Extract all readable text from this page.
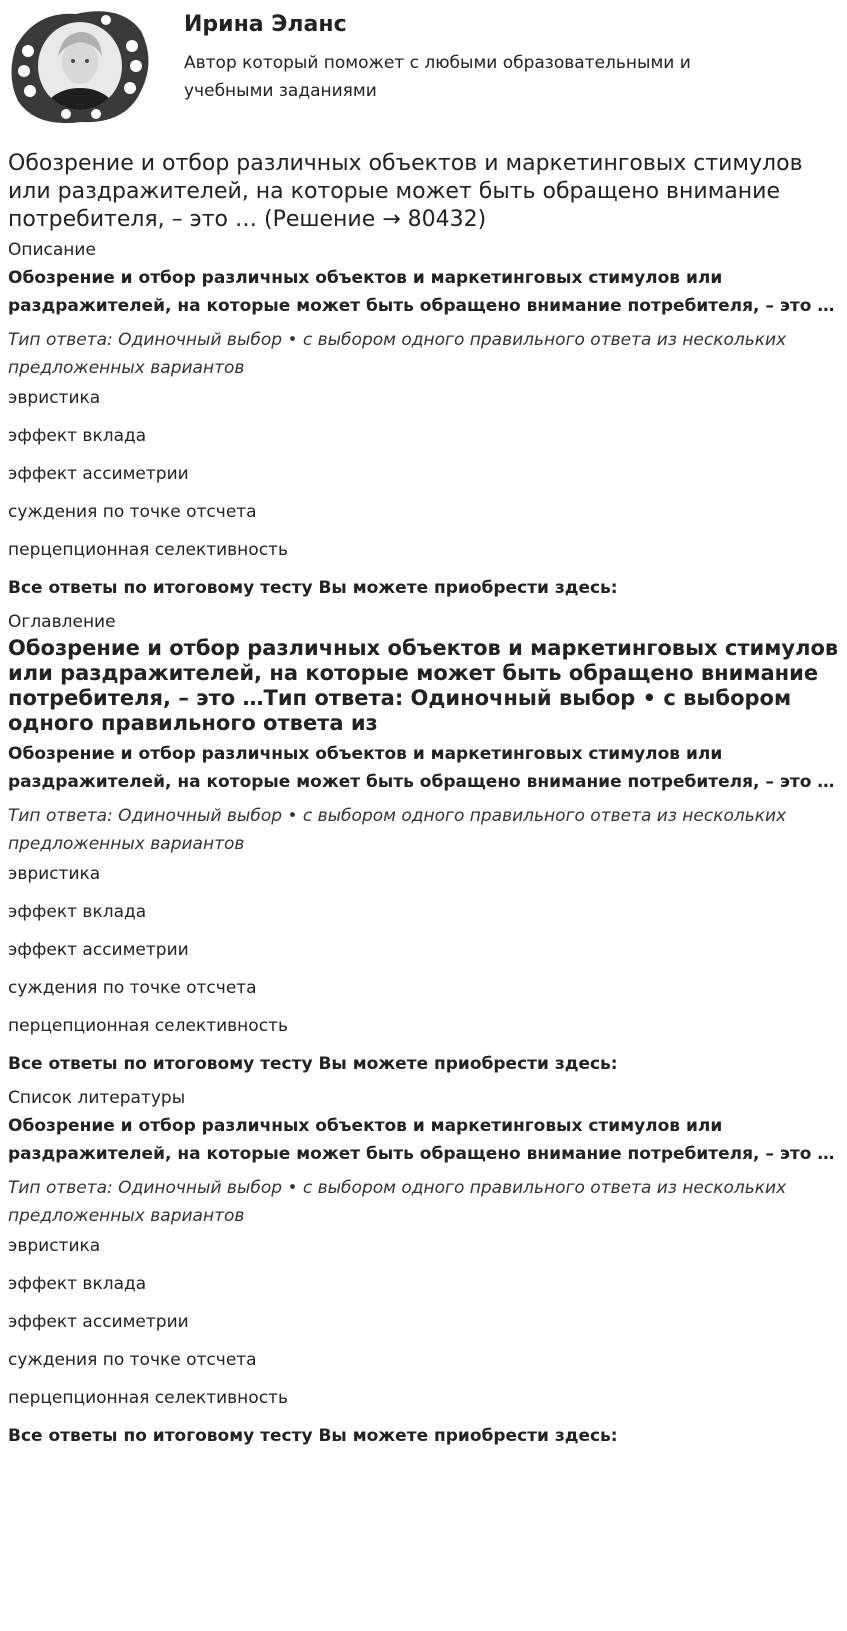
Ирина Эланс

Автор который поможет с любыми образовательными и учебными заданиями

Обозрение и отбор различных объектов и маркетинговых стимулов или раздражителей, на которые может быть обращено внимание потребителя, – это … (Решение → 80432)
Описание

Обозрение и отбор различных объектов и маркетинговых стимулов или раздражителей, на которые может быть обращено внимание потребителя, – это …

Тип ответа: Одиночный выбор • с выбором одного правильного ответа из нескольких предложенных вариантов

эвристика

эффект вклада

эффект ассиметрии

суждения по точке отсчета

перцепционная селективность

Все ответы по итоговому тесту Вы можете приобрести здесь:

Оглавление
Обозрение и отбор различных объектов и маркетинговых стимулов или раздражителей, на которые может быть обращено внимание потребителя, – это …Тип ответа: Одиночный выбор • с выбором одного правильного ответа из

Обозрение и отбор различных объектов и маркетинговых стимулов или раздражителей, на которые может быть обращено внимание потребителя, – это …

Тип ответа: Одиночный выбор • с выбором одного правильного ответа из нескольких предложенных вариантов

эвристика

эффект вклада

эффект ассиметрии

суждения по точке отсчета

перцепционная селективность

Все ответы по итоговому тесту Вы можете приобрести здесь:

Список литературы

Обозрение и отбор различных объектов и маркетинговых стимулов или раздражителей, на которые может быть обращено внимание потребителя, – это …

Тип ответа: Одиночный выбор • с выбором одного правильного ответа из нескольких предложенных вариантов

эвристика

эффект вклада

эффект ассиметрии

суждения по точке отсчета

перцепционная селективность

Все ответы по итоговому тесту Вы можете приобрести здесь:
